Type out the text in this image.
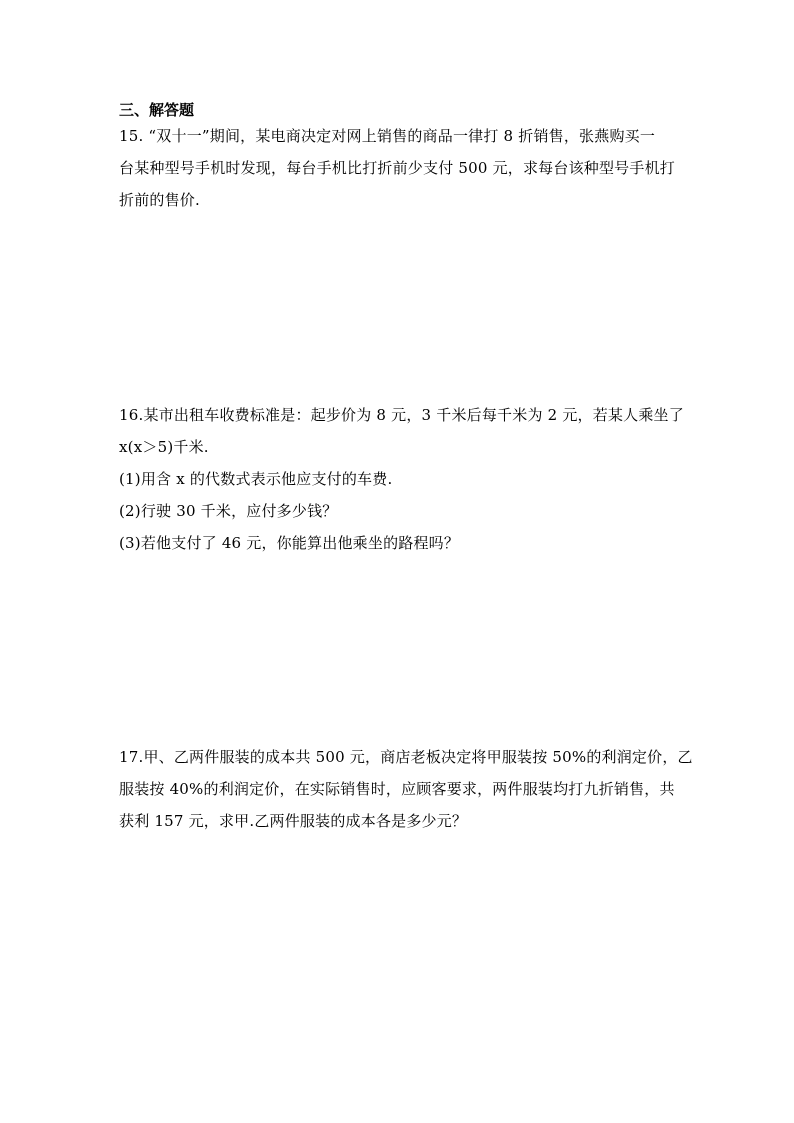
三、解答题
15. “双十一”期间，某电商决定对网上销售的商品一律打 8 折销售，张燕购买一
台某种型号手机时发现，每台手机比打折前少支付 500 元，求每台该种型号手机打
折前的售价.
16.某市出租车收费标准是：起步价为 8 元，3 千米后每千米为 2 元，若某人乘坐了
x(x＞5)千米.
(1)用含 x 的代数式表示他应支付的车费.
(2)行驶 30 千米，应付多少钱？
(3)若他支付了 46 元，你能算出他乘坐的路程吗？
17.甲、乙两件服装的成本共 500 元，商店老板决定将甲服装按 50%的利润定价，乙
服装按 40%的利润定价，在实际销售时，应顾客要求，两件服装均打九折销售，共
获利 157 元，求甲.乙两件服装的成本各是多少元？
